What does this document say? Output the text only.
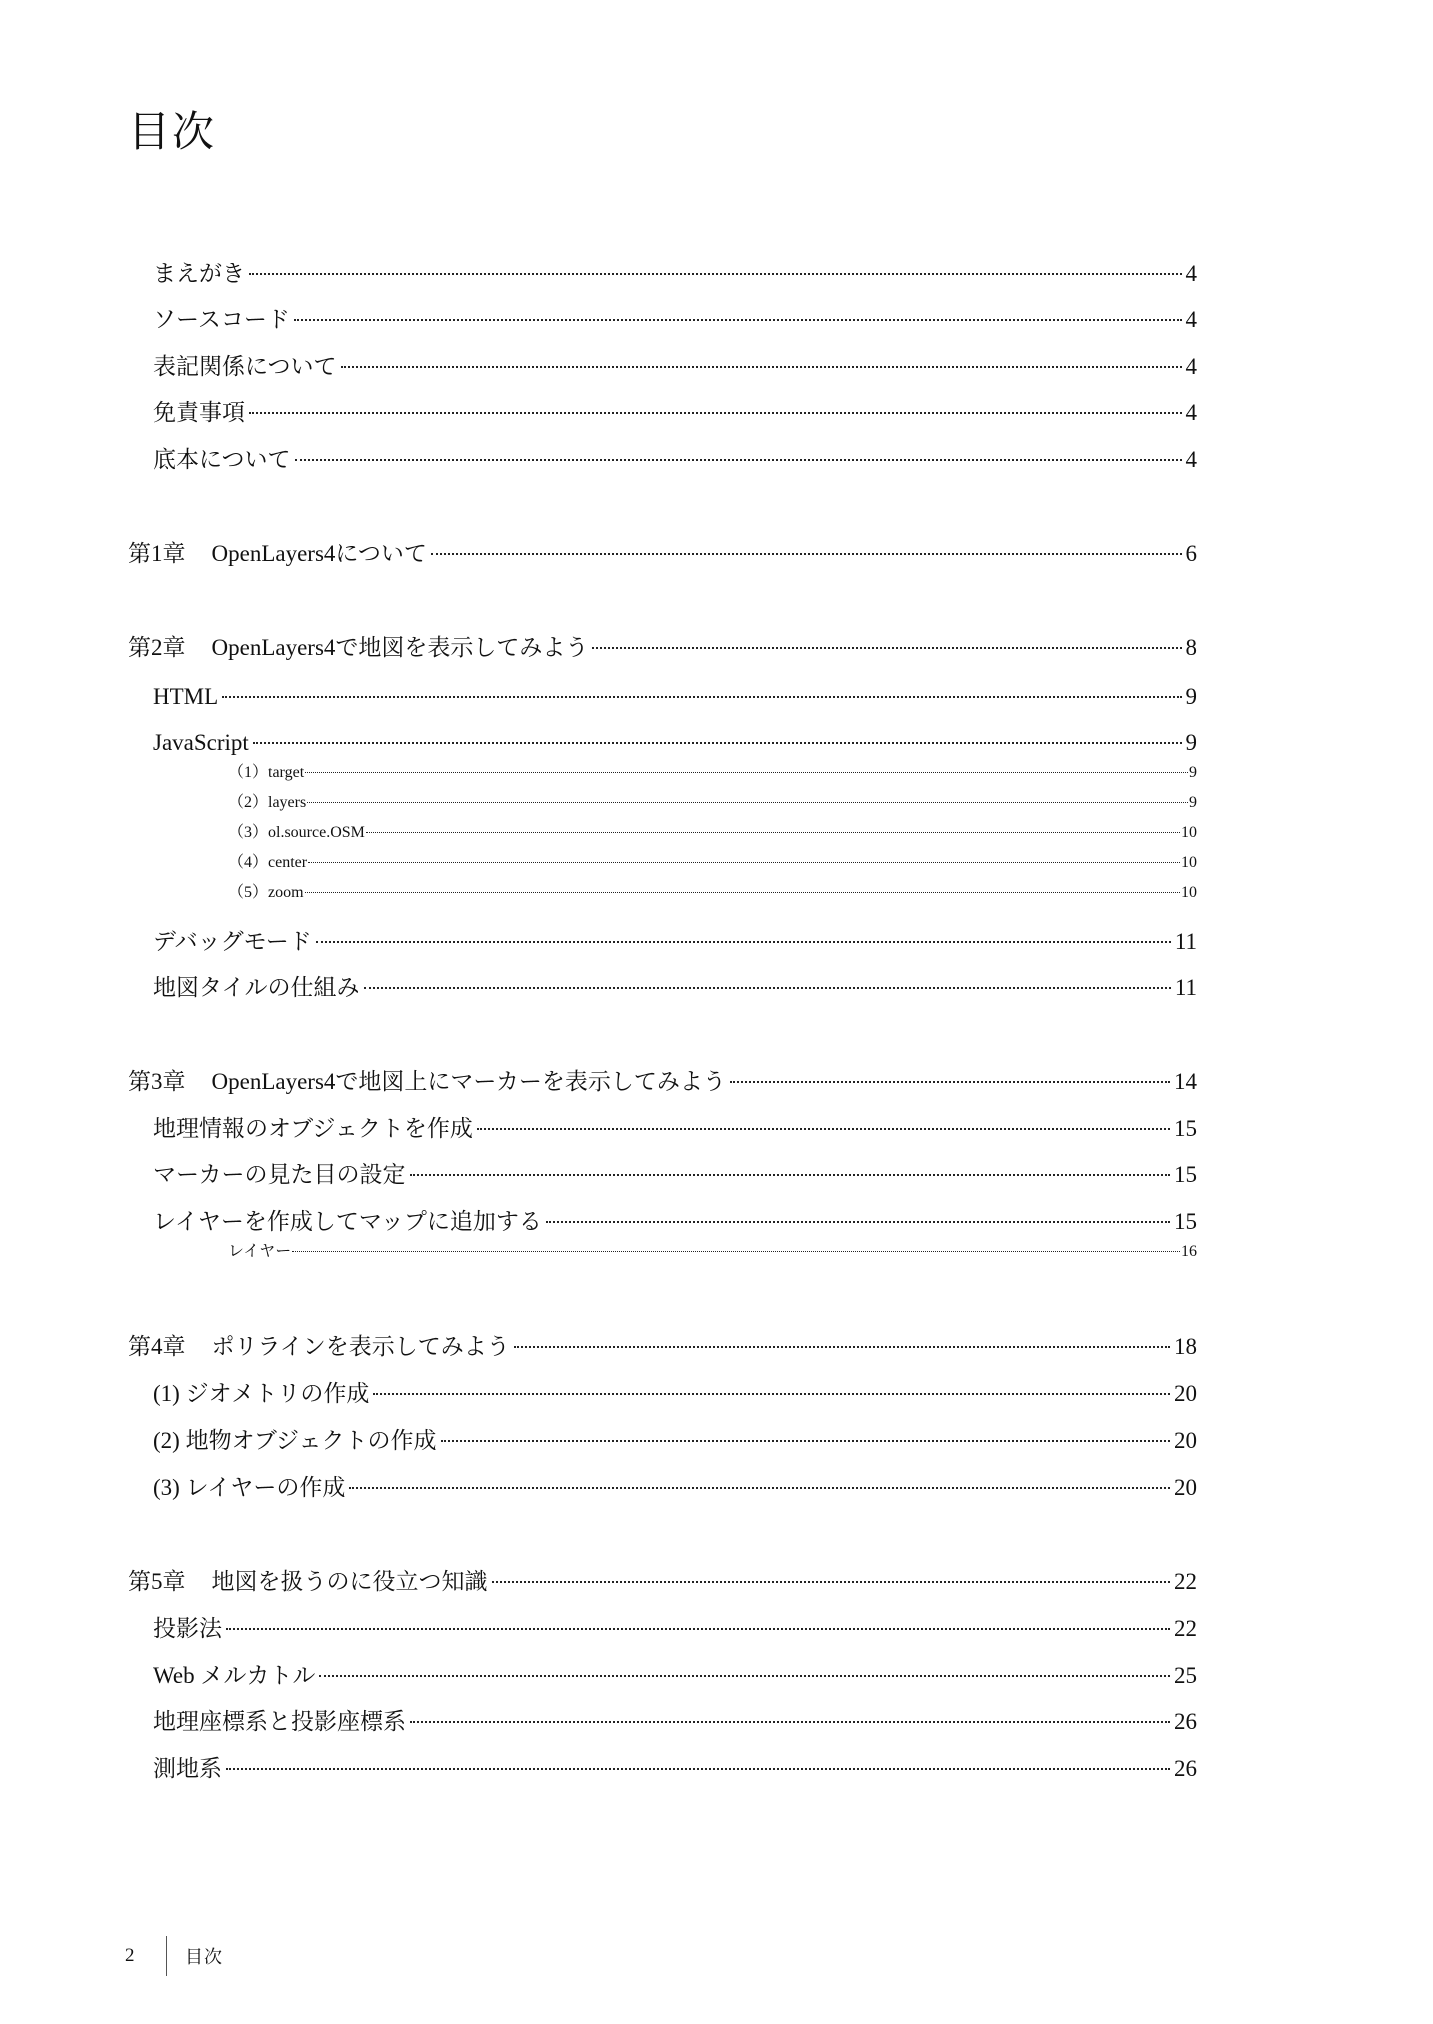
目次
まえがき	4
ソースコード	4
表記関係について	4
免責事項	4
底本について	4
第1章 OpenLayers4について	6
第2章 OpenLayers4で地図を表示してみよう	8
HTML	9
JavaScript	9
（1）target	9
（2）layers	9
（3）ol.source.OSM	10
（4）center	10
（5）zoom	10
デバッグモード	11
地図タイルの仕組み	11
第3章 OpenLayers4で地図上にマーカーを表示してみよう	14
地理情報のオブジェクトを作成	15
マーカーの見た目の設定	15
レイヤーを作成してマップに追加する	15
レイヤー	16
第4章 ポリラインを表示してみよう	18
(1) ジオメトリの作成	20
(2) 地物オブジェクトの作成	20
(3) レイヤーの作成	20
第5章 地図を扱うのに役立つ知識	22
投影法	22
Web メルカトル	25
地理座標系と投影座標系	26
測地系	26
2	目次
